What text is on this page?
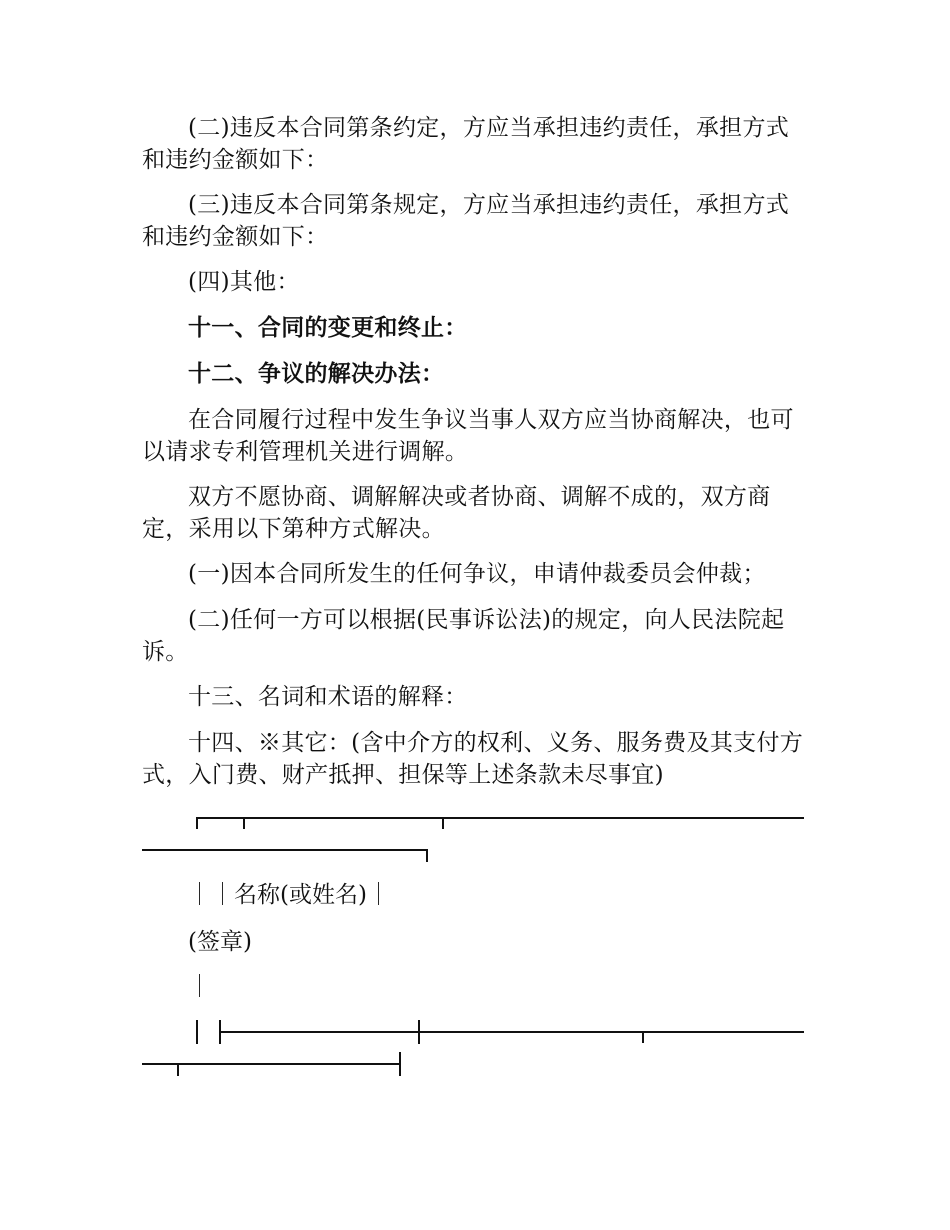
(二)违反本合同第条约定，方应当承担违约责任，承担方式和违约金额如下：

(三)违反本合同第条规定，方应当承担违约责任，承担方式和违约金额如下：

(四)其他：

十一、合同的变更和终止：

十二、争议的解决办法：

在合同履行过程中发生争议当事人双方应当协商解决，也可以请求专利管理机关进行调解。

双方不愿协商、调解解决或者协商、调解不成的，双方商定，采用以下第种方式解决。

(一)因本合同所发生的任何争议，申请仲裁委员会仲裁；

(二)任何一方可以根据(民事诉讼法)的规定，向人民法院起诉。

十三、名词和术语的解释：

十四、※其它：(含中介方的权利、义务、服务费及其支付方式，入门费、财产抵押、担保等上述条款未尽事宜)

｜｜名称(或姓名)｜

(签章)

｜
